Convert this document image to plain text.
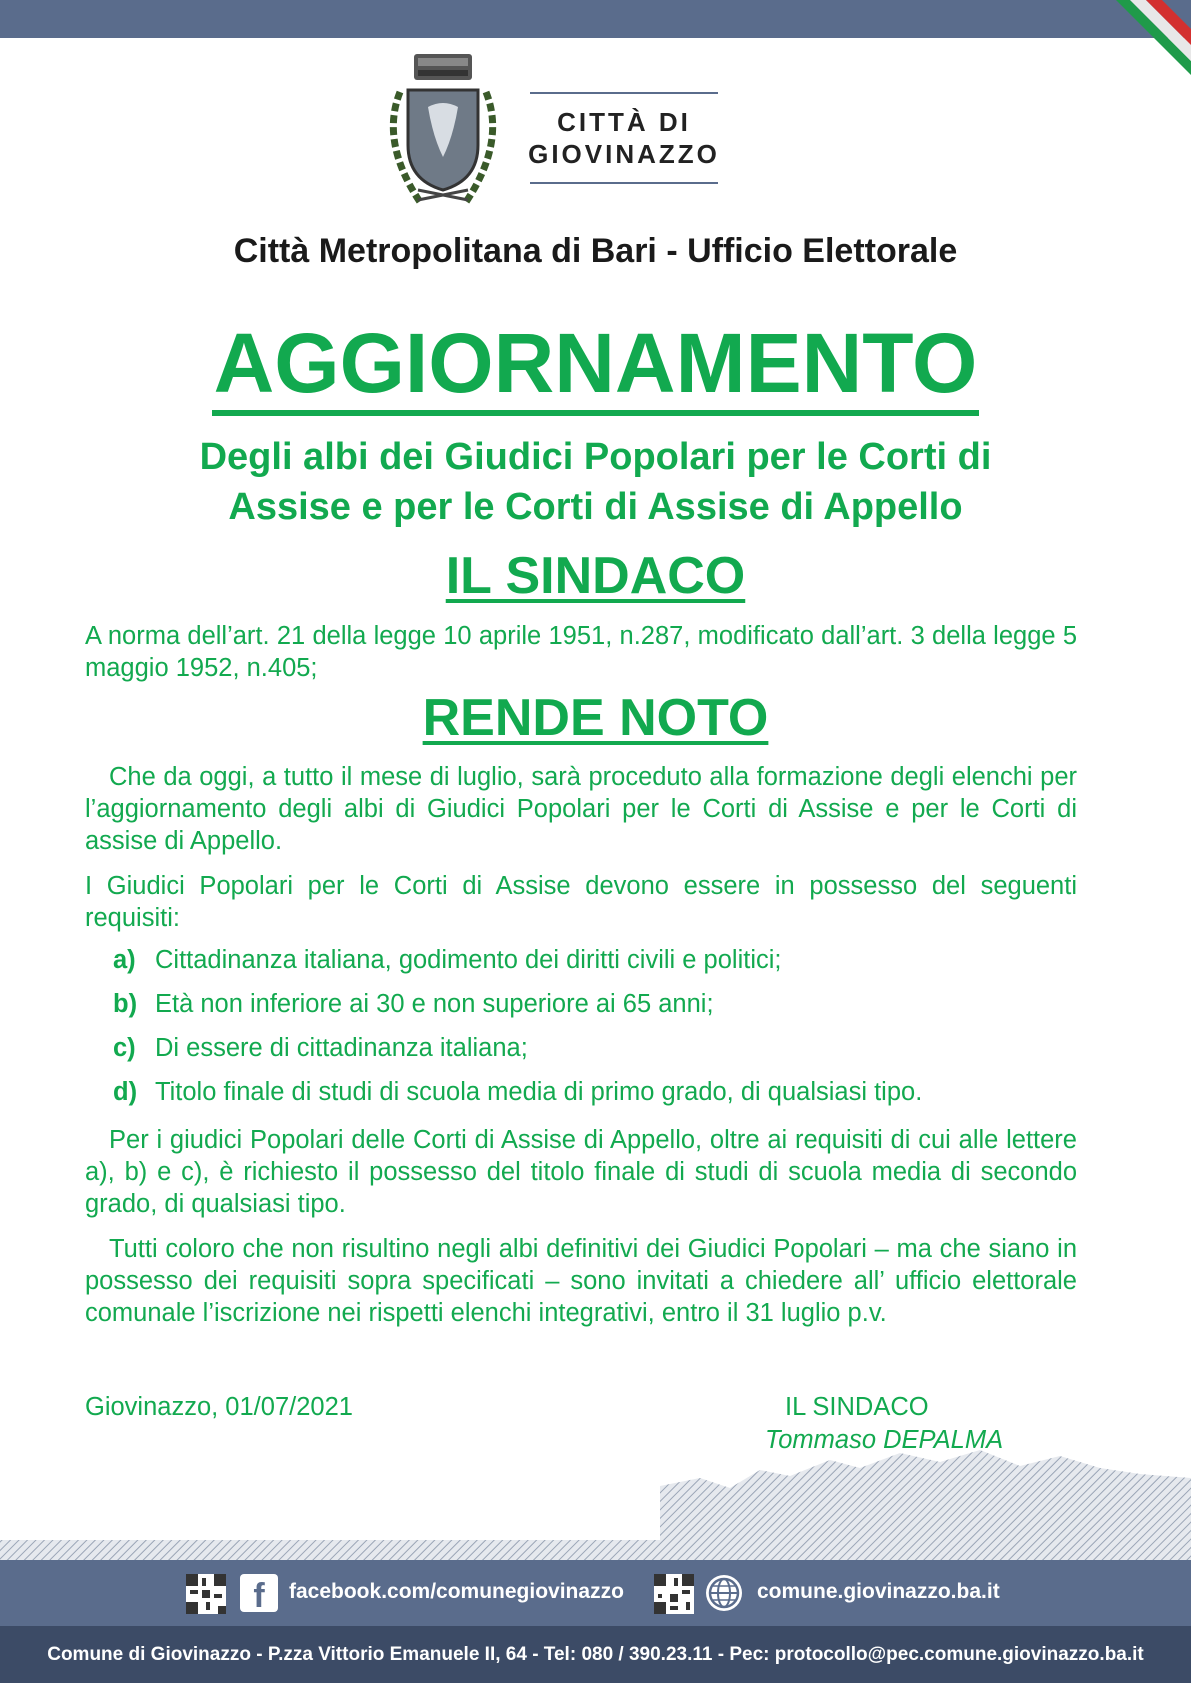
CITTÀ DI
GIOVINAZZO
Città Metropolitana di Bari - Ufficio Elettorale
AGGIORNAMENTO
Degli albi dei Giudici Popolari per le Corti di
Assise e per le Corti di Assise di Appello
IL SINDACO
A norma dell’art. 21 della legge 10 aprile 1951, n.287, modificato dall’art. 3 della legge 5 maggio 1952, n.405;
RENDE NOTO
Che da oggi, a tutto il mese di luglio, sarà proceduto alla formazione degli elenchi per l’aggiornamento degli albi di Giudici Popolari per le Corti di Assise e per le Corti di assise di Appello.
I Giudici Popolari per le Corti di Assise devono essere in possesso del seguenti requisiti:
a) Cittadinanza italiana, godimento dei diritti civili e politici;
b) Età non inferiore ai 30 e non superiore ai 65 anni;
c) Di essere di cittadinanza italiana;
d) Titolo finale di studi di scuola media di primo grado, di qualsiasi tipo.
Per i giudici Popolari delle Corti di Assise di Appello, oltre ai requisiti di cui alle lettere a), b) e c), è richiesto il possesso del titolo finale di studi di scuola media di secondo grado, di qualsiasi tipo.
Tutti coloro che non risultino negli albi definitivi dei Giudici Popolari – ma che siano in possesso dei requisiti sopra specificati – sono invitati a chiedere all’ ufficio elettorale comunale l’iscrizione nei rispetti elenchi integrativi, entro il 31 luglio p.v.
Giovinazzo, 01/07/2021	IL SINDACO
Tommaso DEPALMA
f	facebook.com/comunegiovinazzo	comune.giovinazzo.ba.it
Comune di Giovinazzo - P.zza Vittorio Emanuele II, 64 - Tel: 080 / 390.23.11 - Pec: protocollo@pec.comune.giovinazzo.ba.it
